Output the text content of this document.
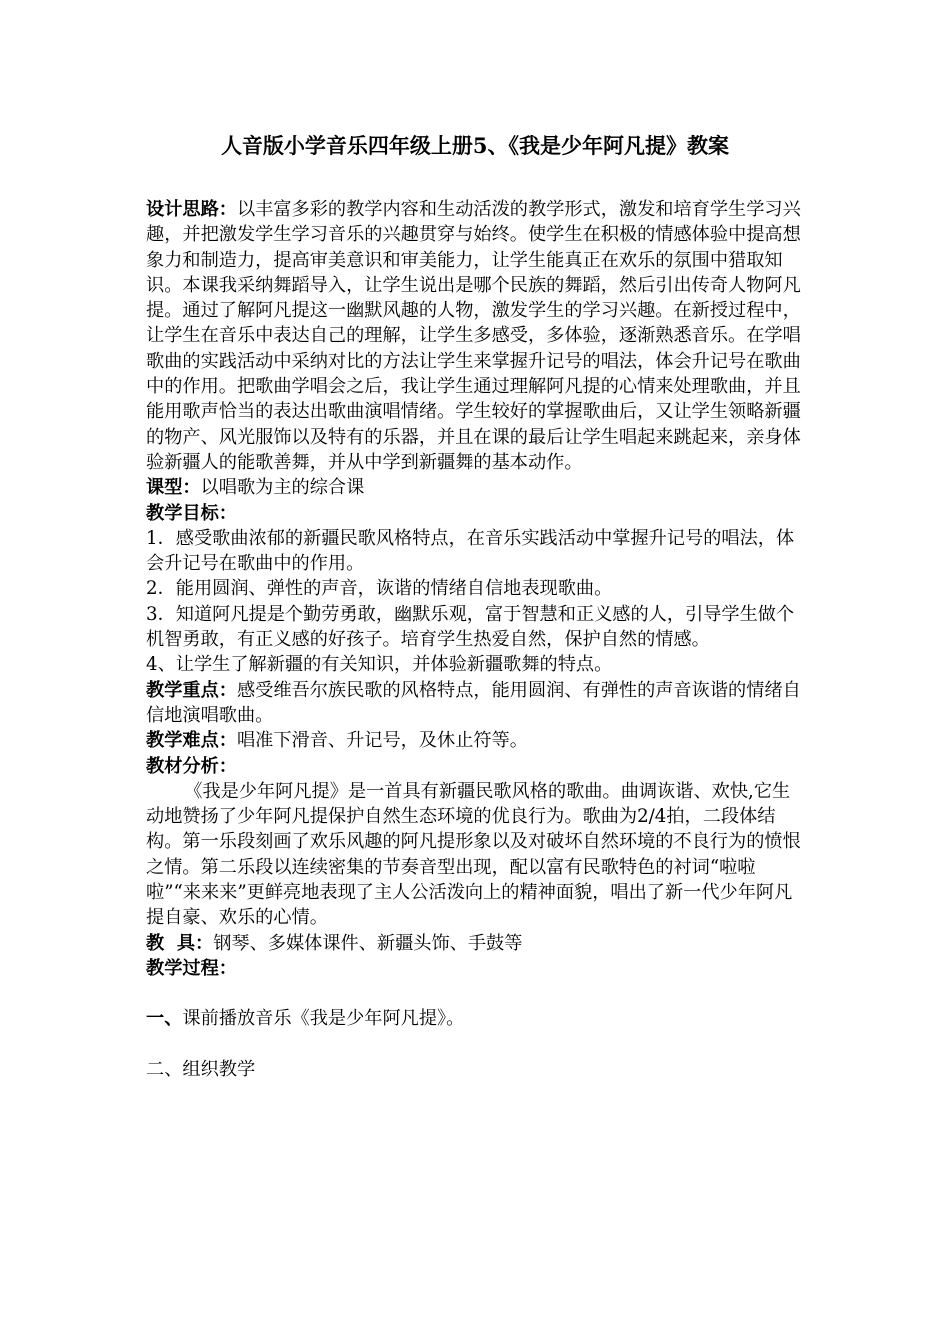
人音版小学音乐四年级上册5、《我是少年阿凡提》教案

设计思路：以丰富多彩的教学内容和生动活泼的教学形式，激发和培育学生学习兴趣，并把激发学生学习音乐的兴趣贯穿与始终。使学生在积极的情感体验中提高想象力和制造力，提高审美意识和审美能力，让学生能真正在欢乐的氛围中猎取知识。本课我采纳舞蹈导入，让学生说出是哪个民族的舞蹈，然后引出传奇人物阿凡提。通过了解阿凡提这一幽默风趣的人物，激发学生的学习兴趣。在新授过程中，让学生在音乐中表达自己的理解，让学生多感受，多体验，逐渐熟悉音乐。在学唱歌曲的实践活动中采纳对比的方法让学生来掌握升记号的唱法，体会升记号在歌曲中的作用。把歌曲学唱会之后，我让学生通过理解阿凡提的心情来处理歌曲，并且能用歌声恰当的表达出歌曲演唱情绪。学生较好的掌握歌曲后，又让学生领略新疆的物产、风光服饰以及特有的乐器，并且在课的最后让学生唱起来跳起来，亲身体验新疆人的能歌善舞，并从中学到新疆舞的基本动作。

课型：以唱歌为主的综合课

教学目标：

1．感受歌曲浓郁的新疆民歌风格特点，在音乐实践活动中掌握升记号的唱法，体会升记号在歌曲中的作用。

2．能用圆润、弹性的声音，诙谐的情绪自信地表现歌曲。

3．知道阿凡提是个勤劳勇敢，幽默乐观，富于智慧和正义感的人，引导学生做个机智勇敢，有正义感的好孩子。培育学生热爱自然，保护自然的情感。

4、让学生了解新疆的有关知识，并体验新疆歌舞的特点。

教学重点：感受维吾尔族民歌的风格特点，能用圆润、有弹性的声音诙谐的情绪自信地演唱歌曲。

教学难点：唱准下滑音、升记号，及休止符等。

教材分析：

《我是少年阿凡提》是一首具有新疆民歌风格的歌曲。曲调诙谐、欢快,它生动地赞扬了少年阿凡提保护自然生态环境的优良行为。歌曲为2/4拍，二段体结构。第一乐段刻画了欢乐风趣的阿凡提形象以及对破坏自然环境的不良行为的愤恨之情。第二乐段以连续密集的节奏音型出现，配以富有民歌特色的衬词“啦啦啦”“来来来”更鲜亮地表现了主人公活泼向上的精神面貌，唱出了新一代少年阿凡提自豪、欢乐的心情。

教  具：钢琴、多媒体课件、新疆头饰、手鼓等

教学过程：

一、课前播放音乐《我是少年阿凡提》。

二、组织教学
